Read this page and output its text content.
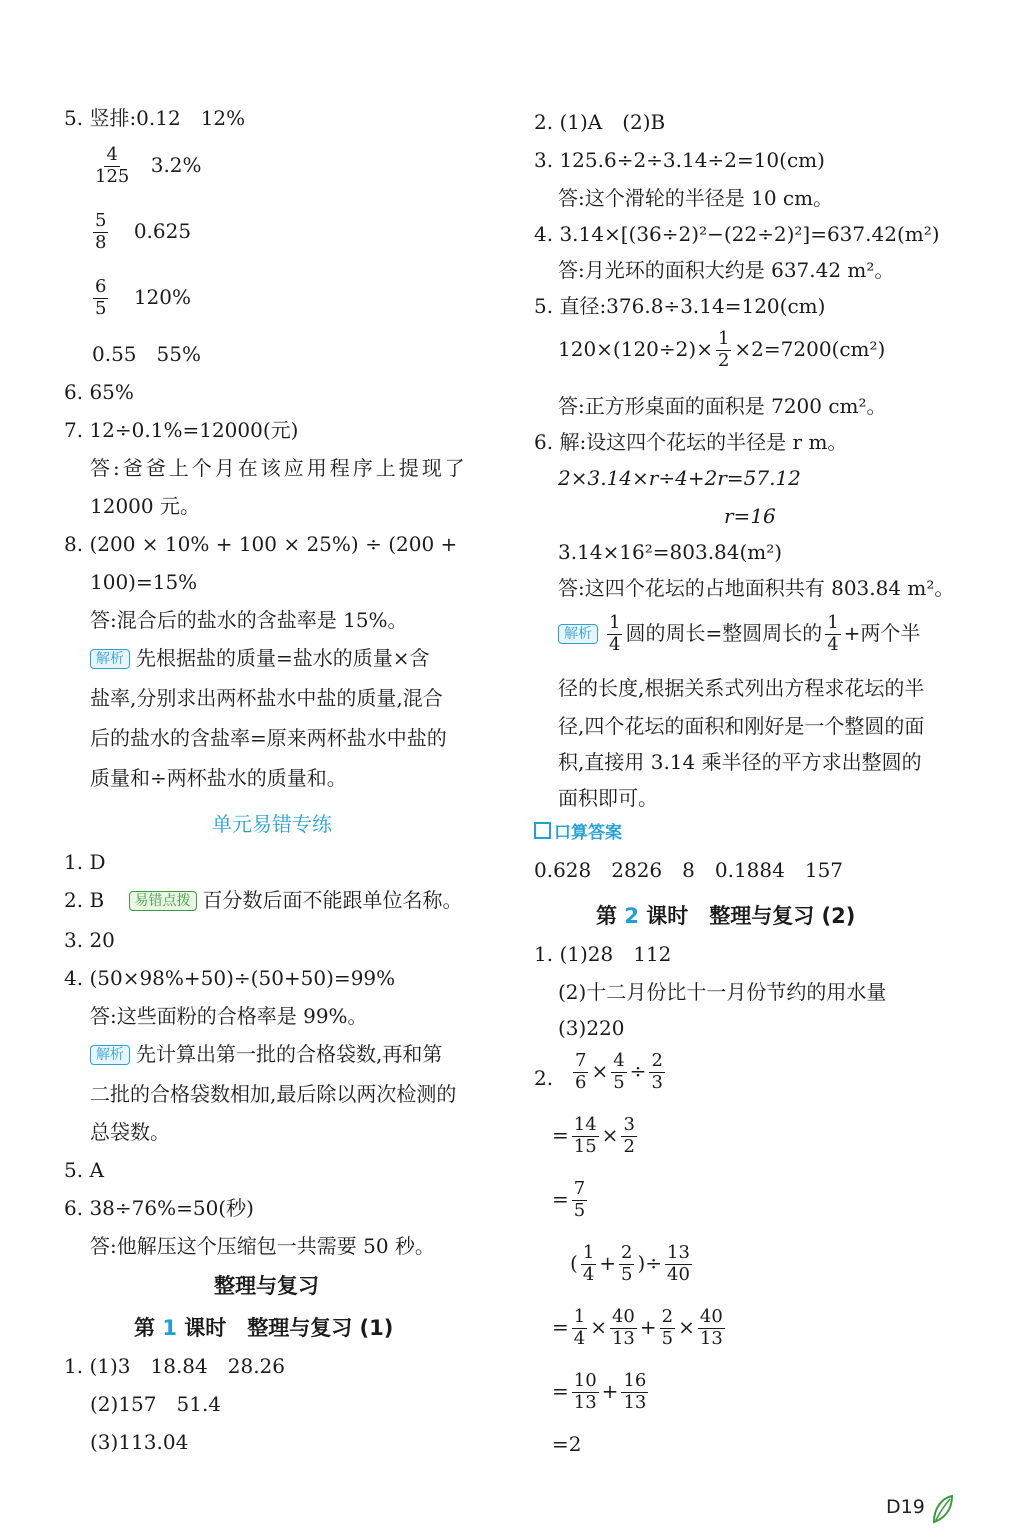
5. 竖排:0.12　12%
$\frac{4}{125} 3.2\%$
$\frac{5}{8} 0.625$
$\frac{6}{5} 120\%$
0.55　55%
6. 65%
7. 12÷0.1%=12000(元)
答:爸爸上个月在该应用程序上提现了
12000 元。
8. (200 × 10% + 100 × 25%) ÷ (200 +
100)=15%
答:混合后的盐水的含盐率是 15%。
解析 先根据盐的质量=盐水的质量×含
盐率,分别求出两杯盐水中盐的质量,混合
后的盐水的含盐率=原来两杯盐水中盐的
质量和÷两杯盐水的质量和。
单元易错专练
1. D
2. B 易错点拨 百分数后面不能跟单位名称。
3. 20
4. (50×98%+50)÷(50+50)=99%
答:这些面粉的合格率是 99%。
解析 先计算出第一批的合格袋数,再和第
二批的合格袋数相加,最后除以两次检测的
总袋数。
5. A
6. 38÷76%=50(秒)
答:他解压这个压缩包一共需要 50 秒。
整理与复习
第 1 课时　整理与复习 (1)
1. (1)3　18.84　28.26
(2)157　51.4
(3)113.04
2. (1)A　(2)B
3. 125.6÷2÷3.14÷2=10(cm)
答:这个滑轮的半径是 10 cm。
4. 3.14×[(36÷2)²−(22÷2)²]=637.42(m²)
答:月光环的面积大约是 637.42 m²。
5. 直径:376.8÷3.14=120(cm)
$120\times(120\div 2)\times \frac{1}{2} \times 2=7200(cm^2)$
答:正方形桌面的面积是 7200 cm²。
6. 解:设这四个花坛的半径是 r m。
2×3.14×r÷4+2r=57.12
r=16
3.14×16²=803.84(m²)
答:这四个花坛的占地面积共有 803.84 m²。
解析 $\frac{1}{4}$ 圆的周长=整圆周长的 $\frac{1}{4}$ +两个半
径的长度,根据关系式列出方程求花坛的半
径,四个花坛的面积和刚好是一个整圆的面
积,直接用 3.14 乘半径的平方求出整圆的
面积即可。
口算答案
0.628　2826　8　0.1884　157
第 2 课时　整理与复习 (2)
1. (1)28　112
(2)十二月份比十一月份节约的用水量
(3)220
2. $\frac{7}{6} \times \frac{4}{5} \div \frac{2}{3}$
= $\frac{14}{15} \times \frac{3}{2}$
= $\frac{7}{5}$
( $\frac{1}{4} + \frac{2}{5}$ )÷ $\frac{13}{40}$
= $\frac{1}{4} \times \frac{40}{13} + \frac{2}{5} \times \frac{40}{13}$
= $\frac{10}{13} + \frac{16}{13}$
=2
D19
